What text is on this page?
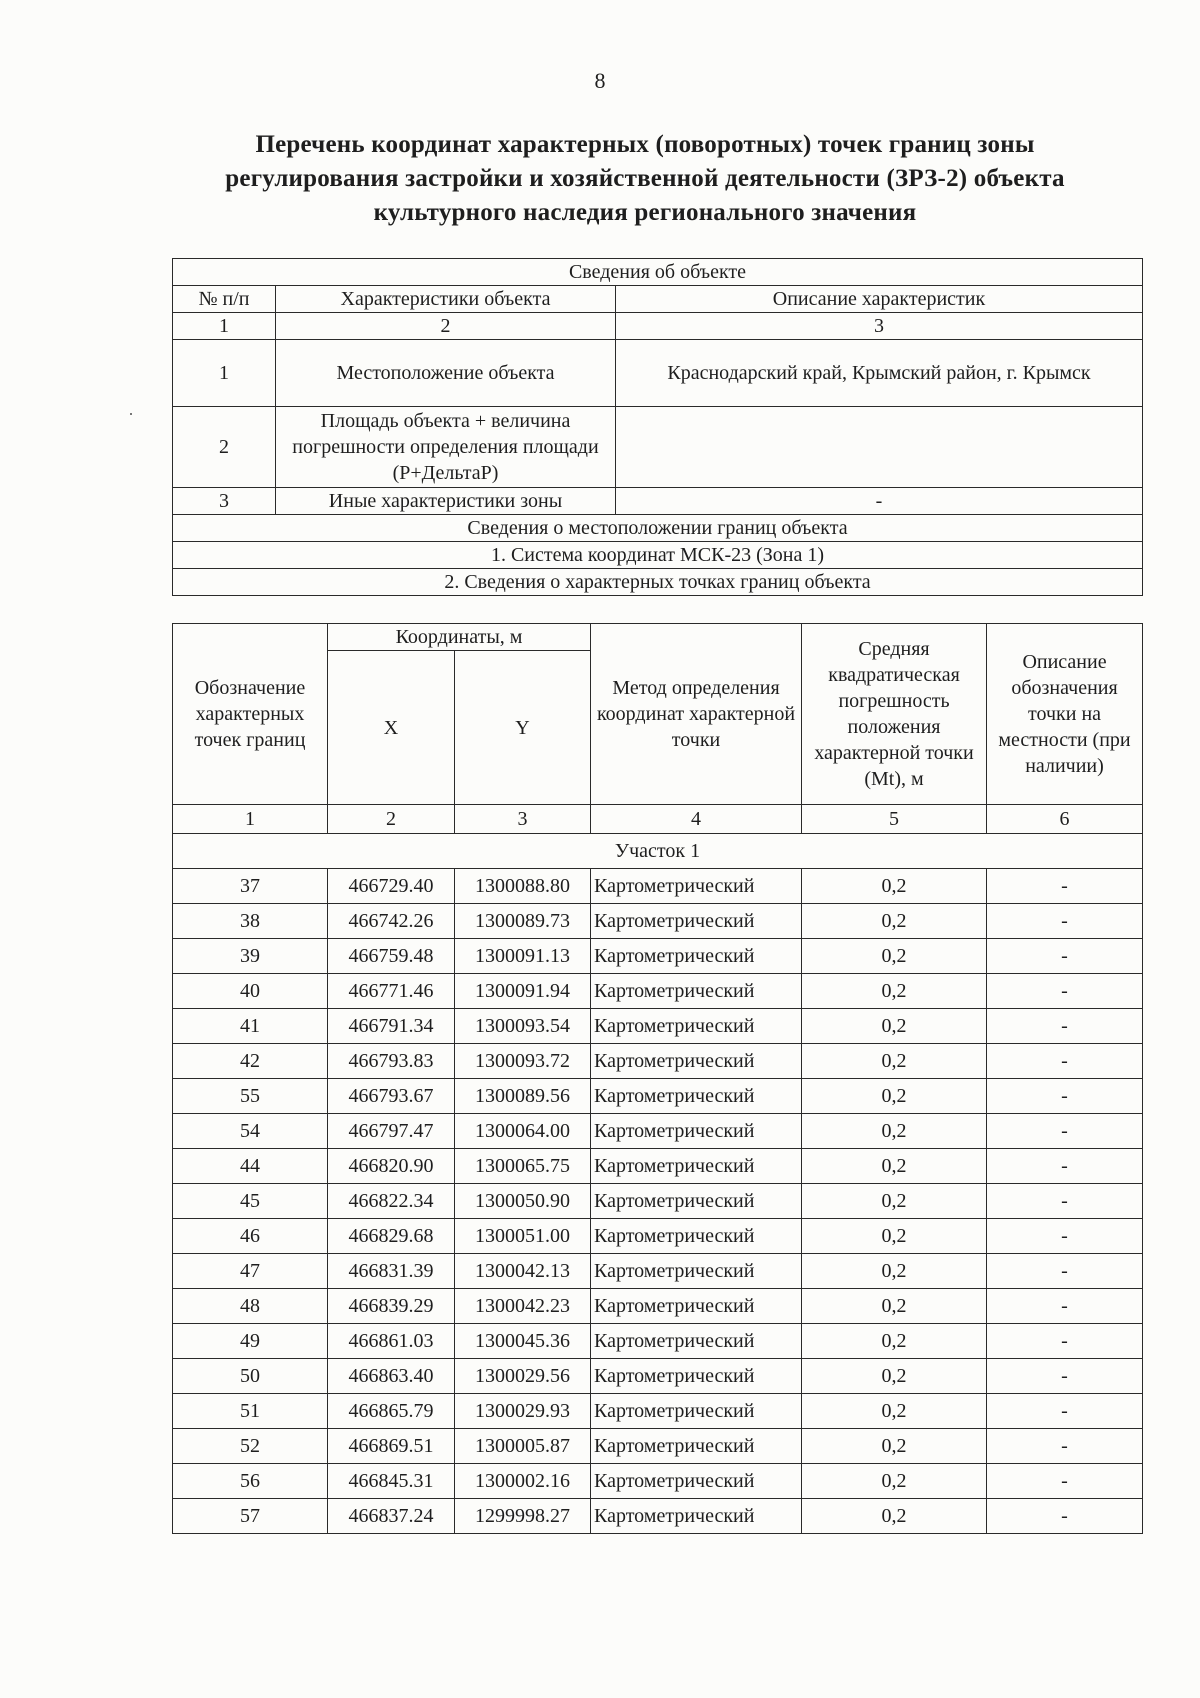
8
Перечень координат характерных (поворотных) точек границ зоны
регулирования застройки и хозяйственной деятельности (ЗРЗ-2) объекта
культурного наследия регионального значения
Сведения об объекте		
№ п/п	Характеристики объекта	Описание характеристик
1	2	3
1	Местоположение объекта	Краснодарский край, Крымский район, г. Крымск
2	Площадь объекта + величина погрешности определения площади (Р+ДельтаР)	
3	Иные характеристики зоны	-
Сведения о местоположении границ объекта		
1. Система координат МСК-23 (Зона 1)		
2. Сведения о характерных точках границ объекта		
Обозначение характерных точек границ	Координаты, м		Метод определения координат характерной точки	Средняя квадратическая погрешность положения характерной точки (Mt), м	Описание обозначения точки на местности (при наличии)
	X	Y			
1	2	3	4	5	6
Участок 1					
37	466729.40	1300088.80	Картометрический	0,2	-
38	466742.26	1300089.73	Картометрический	0,2	-
39	466759.48	1300091.13	Картометрический	0,2	-
40	466771.46	1300091.94	Картометрический	0,2	-
41	466791.34	1300093.54	Картометрический	0,2	-
42	466793.83	1300093.72	Картометрический	0,2	-
55	466793.67	1300089.56	Картометрический	0,2	-
54	466797.47	1300064.00	Картометрический	0,2	-
44	466820.90	1300065.75	Картометрический	0,2	-
45	466822.34	1300050.90	Картометрический	0,2	-
46	466829.68	1300051.00	Картометрический	0,2	-
47	466831.39	1300042.13	Картометрический	0,2	-
48	466839.29	1300042.23	Картометрический	0,2	-
49	466861.03	1300045.36	Картометрический	0,2	-
50	466863.40	1300029.56	Картометрический	0,2	-
51	466865.79	1300029.93	Картометрический	0,2	-
52	466869.51	1300005.87	Картометрический	0,2	-
56	466845.31	1300002.16	Картометрический	0,2	-
57	466837.24	1299998.27	Картометрический	0,2	-
